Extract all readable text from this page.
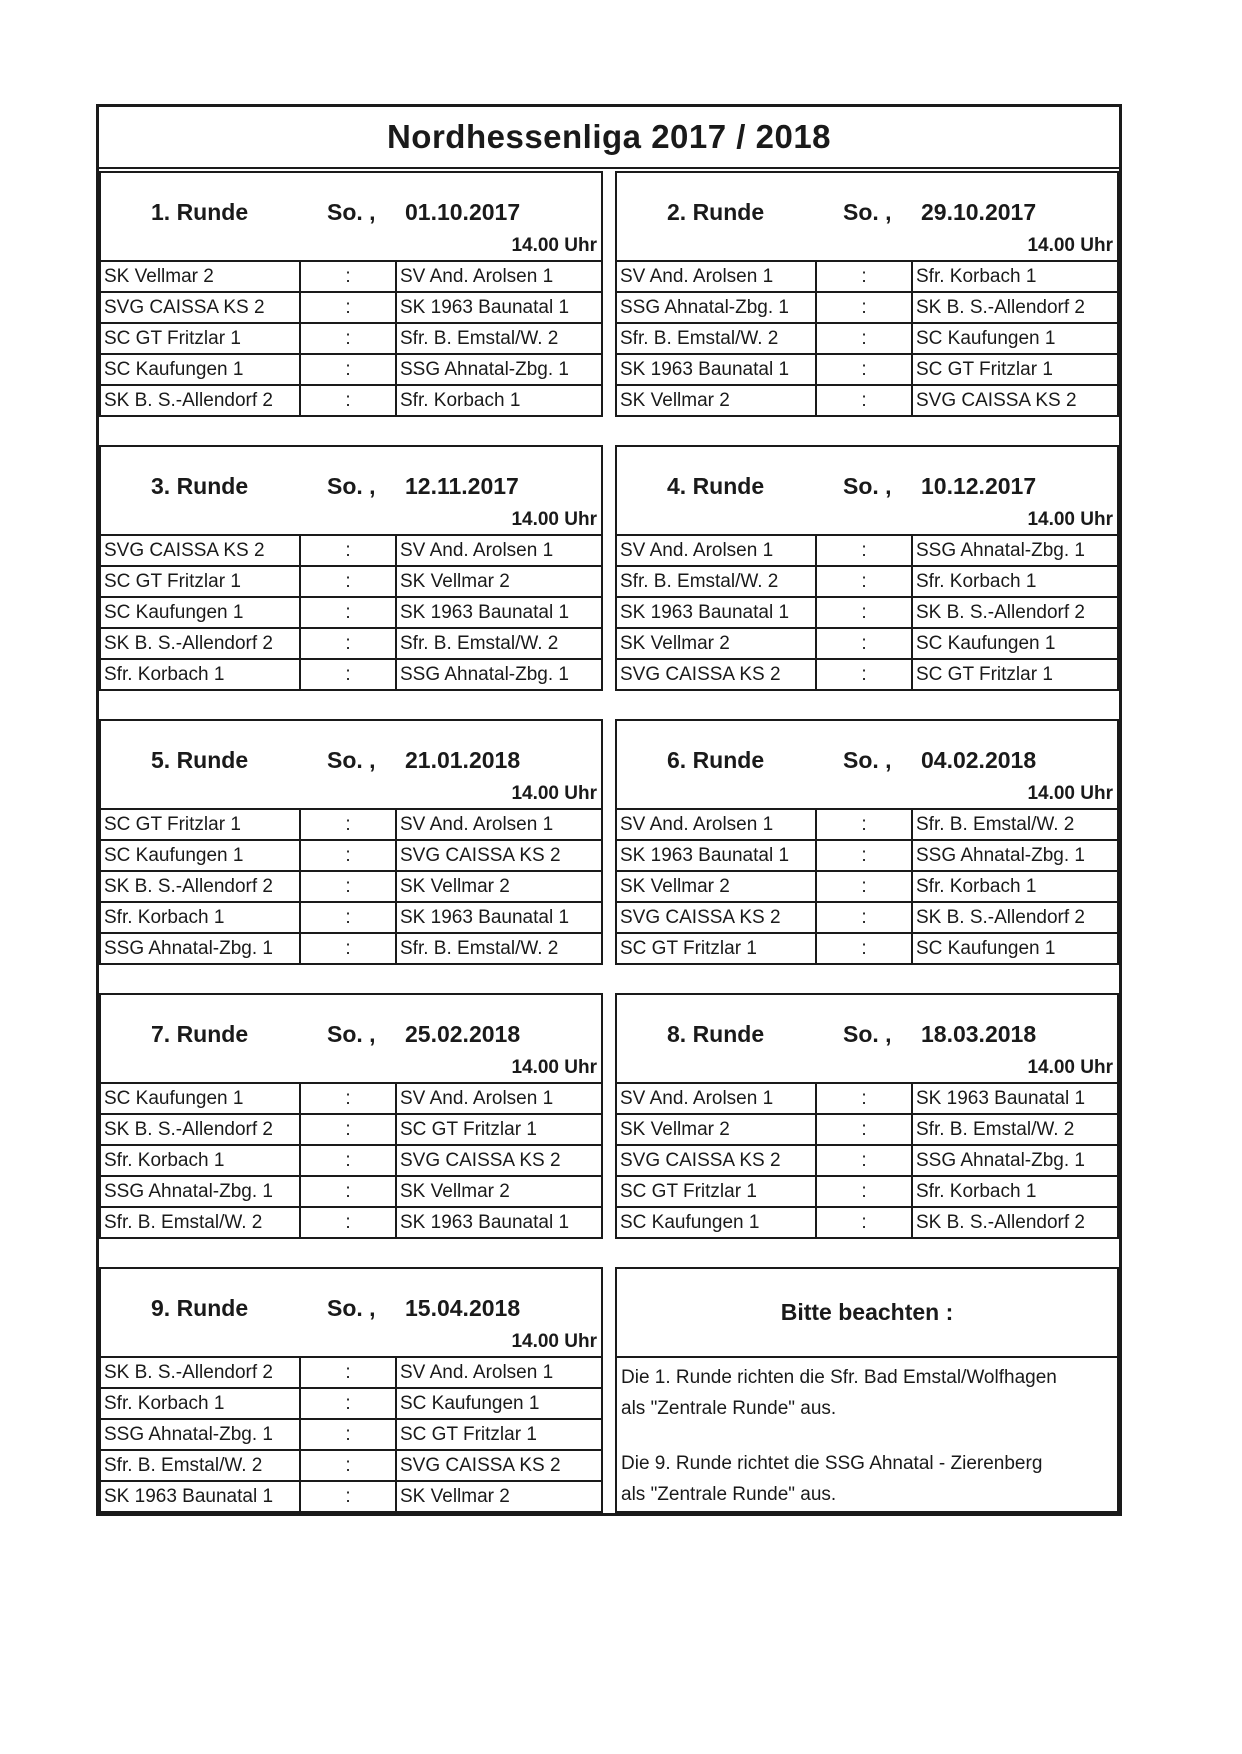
Nordhessenliga 2017 / 2018
1. Runde	So. , 01.10.2017
14.00 Uhr
SK Vellmar 2	:	SV And. Arolsen 1
SVG CAISSA KS 2	:	SK 1963 Baunatal 1
SC GT Fritzlar 1	:	Sfr. B. Emstal/W. 2
SC Kaufungen 1	:	SSG Ahnatal-Zbg. 1
SK B. S.-Allendorf 2	:	Sfr. Korbach 1
2. Runde	So. , 29.10.2017
14.00 Uhr
SV And. Arolsen 1	:	Sfr. Korbach 1
SSG Ahnatal-Zbg. 1	:	SK B. S.-Allendorf 2
Sfr. B. Emstal/W. 2	:	SC Kaufungen 1
SK 1963 Baunatal 1	:	SC GT Fritzlar 1
SK Vellmar 2	:	SVG CAISSA KS 2
3. Runde	So. , 12.11.2017
14.00 Uhr
SVG CAISSA KS 2	:	SV And. Arolsen 1
SC GT Fritzlar 1	:	SK Vellmar 2
SC Kaufungen 1	:	SK 1963 Baunatal 1
SK B. S.-Allendorf 2	:	Sfr. B. Emstal/W. 2
Sfr. Korbach 1	:	SSG Ahnatal-Zbg. 1
4. Runde	So. , 10.12.2017
14.00 Uhr
SV And. Arolsen 1	:	SSG Ahnatal-Zbg. 1
Sfr. B. Emstal/W. 2	:	Sfr. Korbach 1
SK 1963 Baunatal 1	:	SK B. S.-Allendorf 2
SK Vellmar 2	:	SC Kaufungen 1
SVG CAISSA KS 2	:	SC GT Fritzlar 1
5. Runde	So. , 21.01.2018
14.00 Uhr
SC GT Fritzlar 1	:	SV And. Arolsen 1
SC Kaufungen 1	:	SVG CAISSA KS 2
SK B. S.-Allendorf 2	:	SK Vellmar 2
Sfr. Korbach 1	:	SK 1963 Baunatal 1
SSG Ahnatal-Zbg. 1	:	Sfr. B. Emstal/W. 2
6. Runde	So. , 04.02.2018
14.00 Uhr
SV And. Arolsen 1	:	Sfr. B. Emstal/W. 2
SK 1963 Baunatal 1	:	SSG Ahnatal-Zbg. 1
SK Vellmar 2	:	Sfr. Korbach 1
SVG CAISSA KS 2	:	SK B. S.-Allendorf 2
SC GT Fritzlar 1	:	SC Kaufungen 1
7. Runde	So. , 25.02.2018
14.00 Uhr
SC Kaufungen 1	:	SV And. Arolsen 1
SK B. S.-Allendorf 2	:	SC GT Fritzlar 1
Sfr. Korbach 1	:	SVG CAISSA KS 2
SSG Ahnatal-Zbg. 1	:	SK Vellmar 2
Sfr. B. Emstal/W. 2	:	SK 1963 Baunatal 1
8. Runde	So. , 18.03.2018
14.00 Uhr
SV And. Arolsen 1	:	SK 1963 Baunatal 1
SK Vellmar 2	:	Sfr. B. Emstal/W. 2
SVG CAISSA KS 2	:	SSG Ahnatal-Zbg. 1
SC GT Fritzlar 1	:	Sfr. Korbach 1
SC Kaufungen 1	:	SK B. S.-Allendorf 2
9. Runde	So. , 15.04.2018
14.00 Uhr
SK B. S.-Allendorf 2	:	SV And. Arolsen 1
Sfr. Korbach 1	:	SC Kaufungen 1
SSG Ahnatal-Zbg. 1	:	SC GT Fritzlar 1
Sfr. B. Emstal/W. 2	:	SVG CAISSA KS 2
SK 1963 Baunatal 1	:	SK Vellmar 2
Bitte beachten :
Die 1. Runde richten die Sfr. Bad Emstal/Wolfhagen
als "Zentrale Runde" aus.
Die 9. Runde richtet die SSG Ahnatal - Zierenberg
als "Zentrale Runde" aus.
